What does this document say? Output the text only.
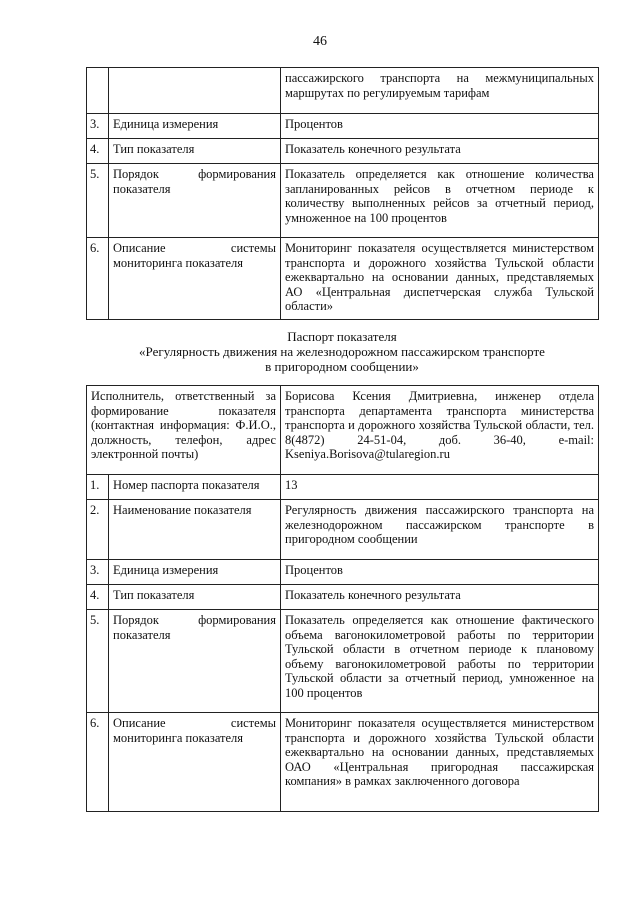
46
		пассажирского транспорта на межмуниципальных маршрутах по регулируемым тарифам
3.	Единица измерения	Процентов
4.	Тип показателя	Показатель конечного результата
5.	Порядок формирования показателя	Показатель определяется как отношение количества запланированных рейсов в отчетном периоде к количеству выполненных рейсов за отчетный период, умноженное на 100 процентов
6.	Описание системы мониторинга показателя	Мониторинг показателя осуществляется министерством транспорта и дорожного хозяйства Тульской области ежеквартально на основании данных, представляемых АО «Центральная диспетчерская служба Тульской области»
Паспорт показателя
«Регулярность движения на железнодорожном пассажирском транспорте
в пригородном сообщении»
Исполнитель, ответственный за формирование показателя (контактная информация: Ф.И.О., должность, телефон, адрес электронной почты)		Борисова Ксения Дмитриевна, инженер отдела транспорта департамента транспорта министерства транспорта и дорожного хозяйства Тульской области, тел. 8(4872) 24-51-04, доб. 36-40, e-mail: Kseniya.Borisova@tularegion.ru
1.	Номер паспорта показателя	13
2.	Наименование показателя	Регулярность движения пассажирского транспорта на железнодорожном пассажирском транспорте в пригородном сообщении
3.	Единица измерения	Процентов
4.	Тип показателя	Показатель конечного результата
5.	Порядок формирования показателя	Показатель определяется как отношение фактического объема вагонокилометровой работы по территории Тульской области в отчетном периоде к плановому объему вагонокилометровой работы по территории Тульской области за отчетный период, умноженное на 100 процентов
6.	Описание системы мониторинга показателя	Мониторинг показателя осуществляется министерством транспорта и дорожного хозяйства Тульской области ежеквартально на основании данных, представляемых ОАО «Центральная пригородная пассажирская компания» в рамках заключенного договора
